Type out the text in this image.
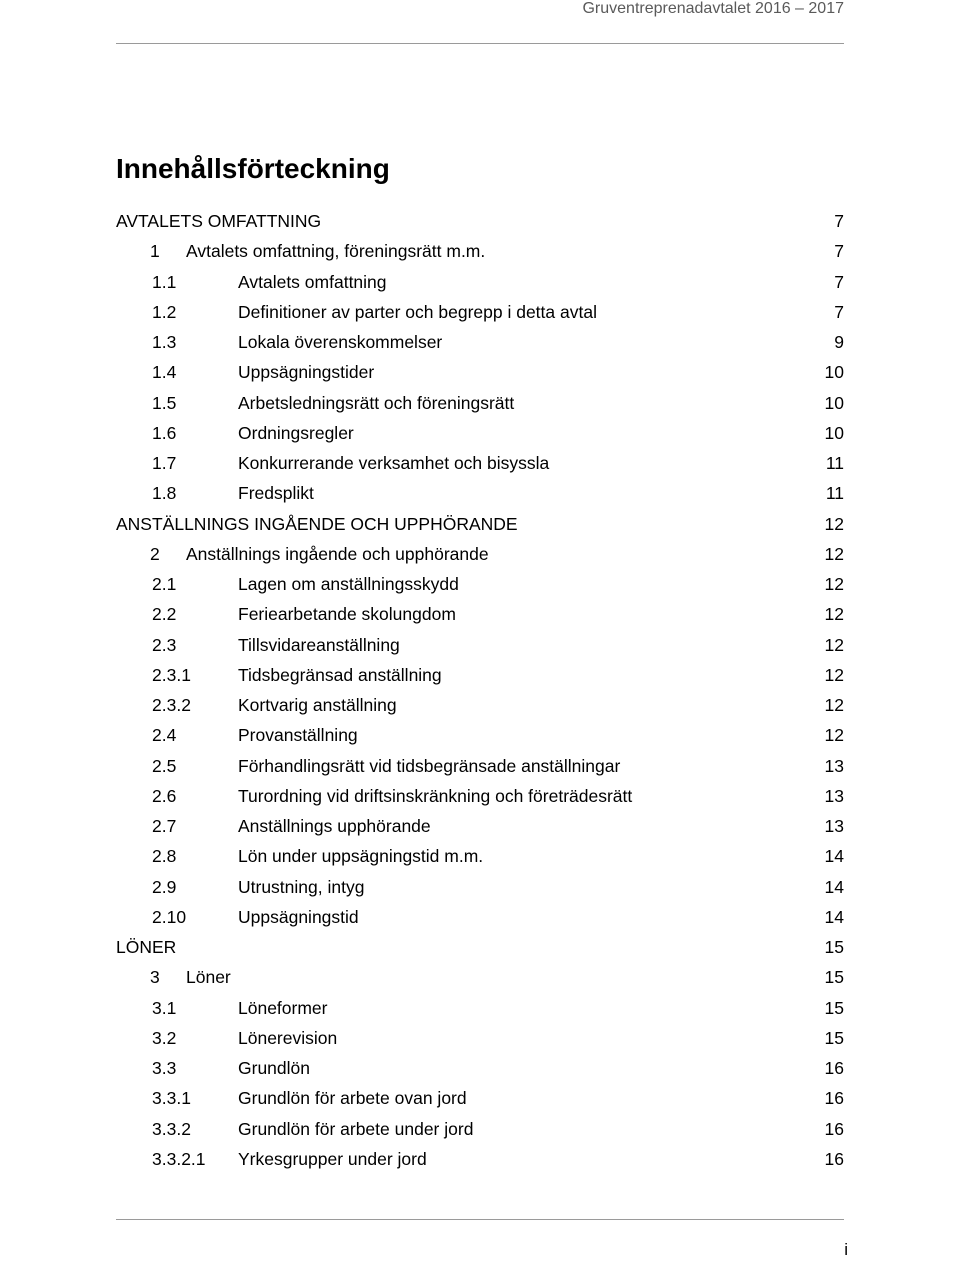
Gruventreprenadavtalet 2016 – 2017
Innehållsförteckning
AVTALETS OMFATTNING	7
1 Avtalets omfattning, föreningsrätt m.m.	7
1.1	Avtalets omfattning	7
1.2	Definitioner av parter och begrepp i detta avtal	7
1.3	Lokala överenskommelser	9
1.4	Uppsägningstider	10
1.5	Arbetsledningsrätt och föreningsrätt	10
1.6	Ordningsregler	10
1.7	Konkurrerande verksamhet och bisyssla	11
1.8	Fredsplikt	11
ANSTÄLLNINGS INGÅENDE OCH UPPHÖRANDE	12
2 Anställnings ingående och upphörande	12
2.1	Lagen om anställningsskydd	12
2.2	Feriearbetande skolungdom	12
2.3	Tillsvidareanställning	12
2.3.1	Tidsbegränsad anställning	12
2.3.2	Kortvarig anställning	12
2.4	Provanställning	12
2.5	Förhandlingsrätt vid tidsbegränsade anställningar	13
2.6	Turordning vid driftsinskränkning och företrädesrätt	13
2.7	Anställnings upphörande	13
2.8	Lön under uppsägningstid m.m.	14
2.9	Utrustning, intyg	14
2.10	Uppsägningstid	14
LÖNER	15
3 Löner	15
3.1	Löneformer	15
3.2	Lönerevision	15
3.3	Grundlön	16
3.3.1	Grundlön för arbete ovan jord	16
3.3.2	Grundlön för arbete under jord	16
3.3.2.1 Yrkesgrupper under jord	16
i
